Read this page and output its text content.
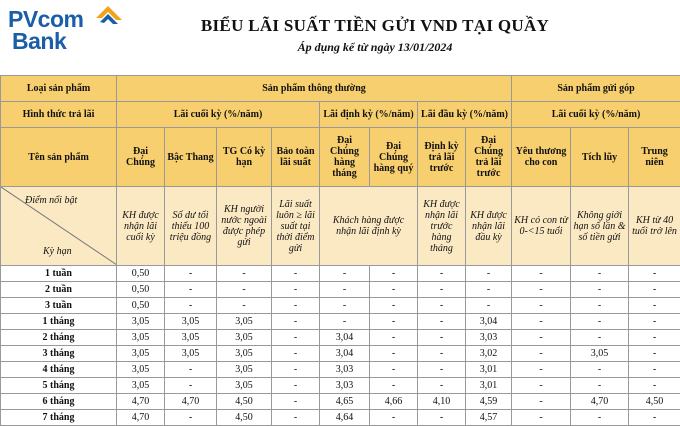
PVcom
Bank
BIỂU LÃI SUẤT TIỀN GỬI VND TẠI QUẦY
Áp dụng kể từ ngày 13/01/2024
Loại sản phẩm	Sản phẩm thông thường								Sản phẩm gửi góp		
Hình thức trả lãi	Lãi cuối kỳ (%/năm)				Lãi định kỳ (%/năm)		Lãi đầu kỳ (%/năm)		Lãi cuối kỳ (%/năm)		
Tên sản phẩm	Đại Chúng	Bậc Thang	TG Có kỳ hạn	Bảo toàn lãi suất	Đại Chúng hàng tháng	Đại Chúng hàng quý	Định kỳ trả lãi trước	Đại Chúng trả lãi trước	Yêu thương cho con	Tích lũy	Trung niên

Điểm nổi bật
Kỳ hạn	KH được nhận lãi cuối kỳ	Số dư tối thiểu 100 triệu đồng	KH người nước ngoài được phép gửi	Lãi suất luôn ≥ lãi suất tại thời điểm gửi	Khách hàng được nhận lãi định kỳ		KH được nhận lãi trước hàng tháng	KH được nhận lãi đầu kỳ	KH có con từ 0-<15 tuổi	Không giới hạn số lần & số tiền gửi	KH từ 40 tuổi trở lên
1 tuần	0,50	-	-	-	-	-	-	-	-	-	-
2 tuần	0,50	-	-	-	-	-	-	-	-	-	-
3 tuần	0,50	-	-	-	-	-	-	-	-	-	-
1 tháng	3,05	3,05	3,05	-	-	-	-	3,04	-	-	-
2 tháng	3,05	3,05	3,05	-	3,04	-	-	3,03	-	-	-
3 tháng	3,05	3,05	3,05	-	3,04	-	-	3,02	-	3,05	-
4 tháng	3,05	-	3,05	-	3,03	-	-	3,01	-	-	-
5 tháng	3,05	-	3,05	-	3,03	-	-	3,01	-	-	-
6 tháng	4,70	4,70	4,50	-	4,65	4,66	4,10	4,59	-	4,70	4,50
7 tháng	4,70	-	4,50	-	4,64	-	-	4,57	-	-	-
